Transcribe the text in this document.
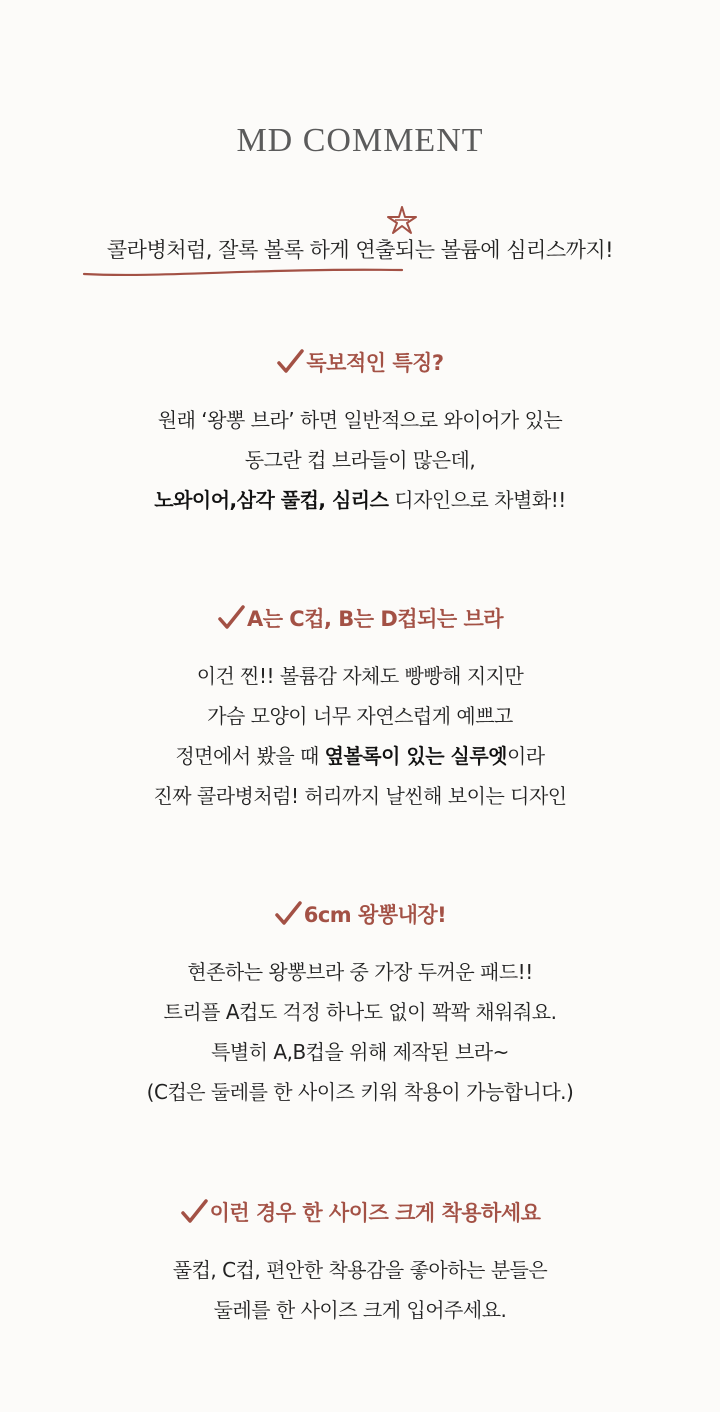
MD COMMENT
콜라병처럼, 잘록 볼록 하게 연출되는 볼륨에 심리스까지!
독보적인 특징?
원래 ‘왕뽕 브라’ 하면 일반적으로 와이어가 있는
동그란 컵 브라들이 많은데,
노와이어,삼각 풀컵, 심리스 디자인으로 차별화!!
A는 C컵, B는 D컵되는 브라
이건 찐!! 볼륨감 자체도 빵빵해 지지만
가슴 모양이 너무 자연스럽게 예쁘고
정면에서 봤을 때 옆볼록이 있는 실루엣이라
진짜 콜라병처럼! 허리까지 날씬해 보이는 디자인
6cm 왕뽕내장!
현존하는 왕뽕브라 중 가장 두꺼운 패드!!
트리플 A컵도 걱정 하나도 없이 꽉꽉 채워줘요.
특별히 A,B컵을 위해 제작된 브라~
(C컵은 둘레를 한 사이즈 키워 착용이 가능합니다.)
이런 경우 한 사이즈 크게 착용하세요
풀컵, C컵, 편안한 착용감을 좋아하는 분들은
둘레를 한 사이즈 크게 입어주세요.
